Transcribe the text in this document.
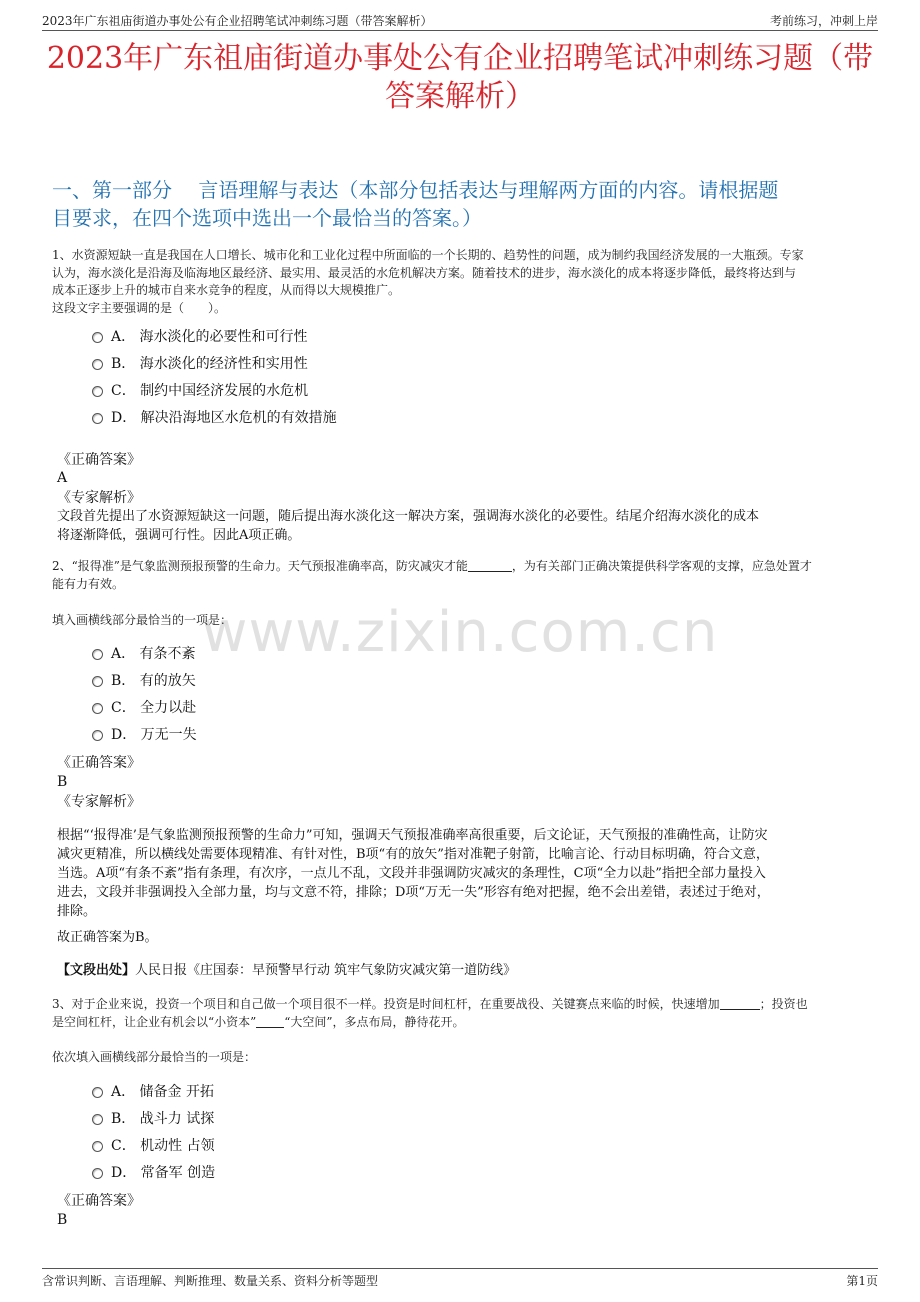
2023年广东祖庙街道办事处公有企业招聘笔试冲刺练习题（带答案解析）	考前练习，冲刺上岸
2023年广东祖庙街道办事处公有企业招聘笔试冲刺练习题（带
答案解析）
一、第一部分　 言语理解与表达（本部分包括表达与理解两方面的内容。请根据题
目要求，在四个选项中选出一个最恰当的答案。）
www.zixin.com.cn
1、水资源短缺一直是我国在人口增长、城市化和工业化过程中所面临的一个长期的、趋势性的问题，成为制约我国经济发展的一大瓶颈。专家
认为，海水淡化是沿海及临海地区最经济、最实用、最灵活的水危机解决方案。随着技术的进步，海水淡化的成本将逐步降低，最终将达到与
成本正逐步上升的城市自来水竞争的程度，从而得以大规模推广。
这段文字主要强调的是（　　）。
A． 海水淡化的必要性和可行性
B． 海水淡化的经济性和实用性
C． 制约中国经济发展的水危机
D． 解决沿海地区水危机的有效措施
《正确答案》
A
《专家解析》
文段首先提出了水资源短缺这一问题，随后提出海水淡化这一解决方案，强调海水淡化的必要性。结尾介绍海水淡化的成本
将逐渐降低，强调可行性。因此A项正确。
2、“报得准”是气象监测预报预警的生命力。天气预报准确率高，防灾减灾才能	，为有关部门正确决策提供科学客观的支撑，应急处置才
能有力有效。
填入画横线部分最恰当的一项是：
A． 有条不紊
B． 有的放矢
C． 全力以赴
D． 万无一失
《正确答案》
B
《专家解析》
根据“‘报得准’是气象监测预报预警的生命力”可知，强调天气预报准确率高很重要，后文论证，天气预报的准确性高，让防灾
减灾更精准，所以横线处需要体现精准、有针对性，B项“有的放矢”指对准靶子射箭，比喻言论、行动目标明确，符合文意，
当选。A项“有条不紊”指有条理，有次序，一点儿不乱，文段并非强调防灾减灾的条理性，C项“全力以赴”指把全部力量投入
进去，文段并非强调投入全部力量，均与文意不符，排除；D项“万无一失”形容有绝对把握，绝不会出差错，表述过于绝对，
排除。
故正确答案为B。
【文段出处】人民日报《庄国泰：早预警早行动 筑牢气象防灾减灾第一道防线》
3、对于企业来说，投资一个项目和自己做一个项目很不一样。投资是时间杠杆，在重要战役、关键赛点来临的时候，快速增加	；投资也
是空间杠杆，让企业有机会以“小资本” “大空间”，多点布局，静待花开。
依次填入画横线部分最恰当的一项是：
A． 储备金 开拓
B． 战斗力 试探
C． 机动性 占领
D． 常备军 创造
《正确答案》
B
含常识判断、言语理解、判断推理、数量关系、资料分析等题型	第1页
